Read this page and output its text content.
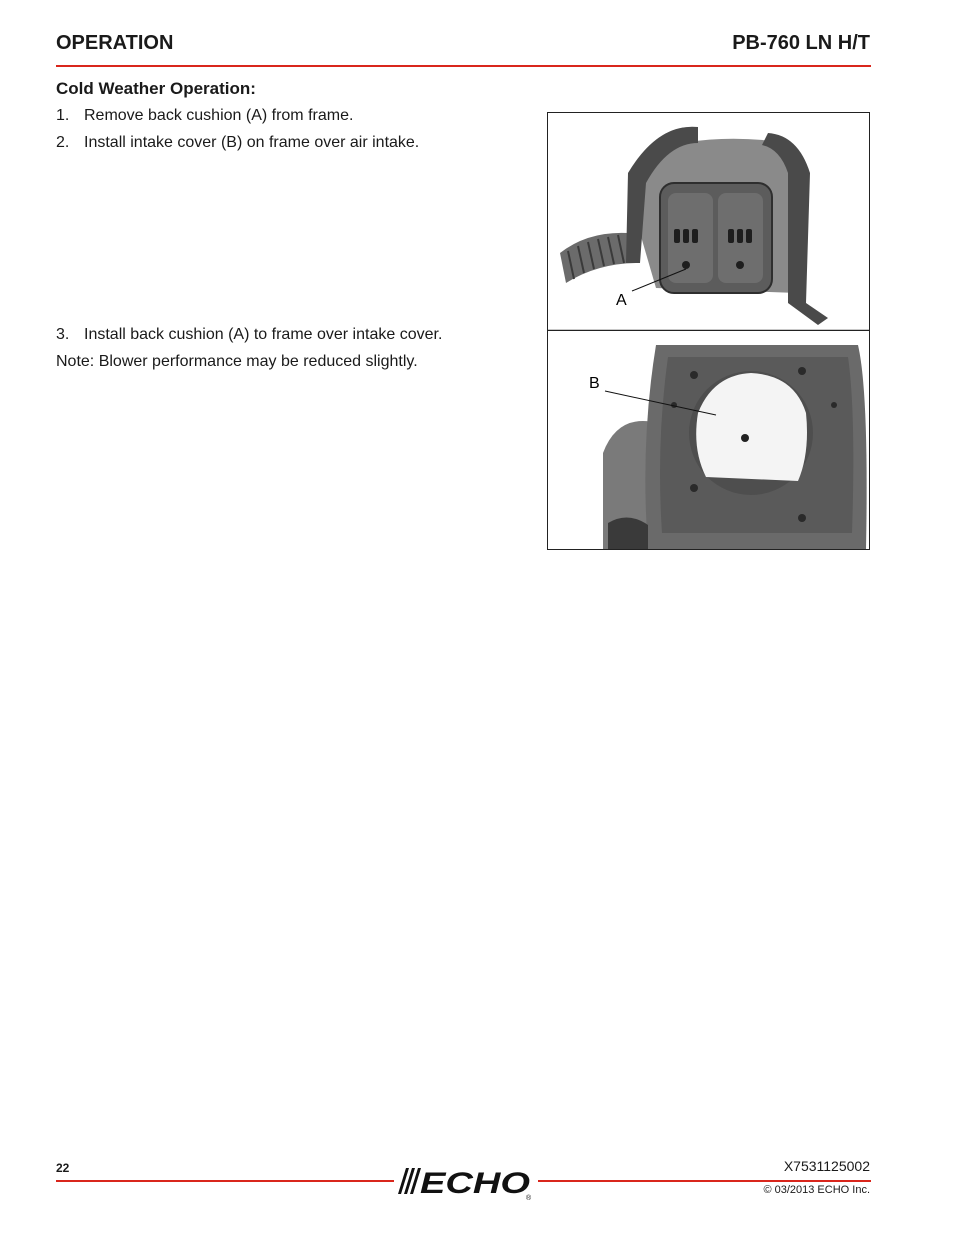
OPERATION	PB-760 LN H/T
Cold Weather Operation:
1. Remove back cushion (A) from frame.
2. Install intake cover (B) on frame over air intake.
3. Install back cushion (A) to frame over intake cover.
Note: Blower performance may be reduced slightly.
A
B
22	X7531125002
© 03/2013 ECHO Inc.
ECHO
®
